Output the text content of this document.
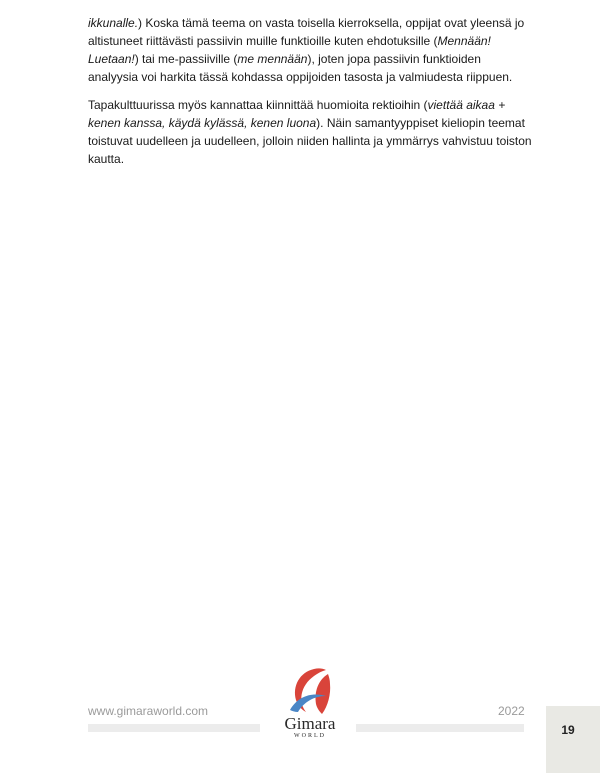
ikkunalle.) Koska tämä teema on vasta toisella kierroksella, oppijat ovat yleensä jo altistuneet riittävästi passiivin muille funktioille kuten ehdotuksille (Mennään! Luetaan!) tai me-passiiville (me mennään), joten jopa passiivin funktioiden analyysia voi harkita tässä kohdassa oppijoiden tasosta ja valmiudesta riippuen.

Tapakulttuurissa myös kannattaa kiinnittää huomioita rektioihin (viettää aikaa + kenen kanssa, käydä kylässä, kenen luona). Näin samantyyppiset kieliopin teemat toistuvat uudelleen ja uudelleen, jolloin niiden hallinta ja ymmärrys vahvistuu toiston kautta.

www.gimaraworld.com
Gimara
WORLD
2022
19
